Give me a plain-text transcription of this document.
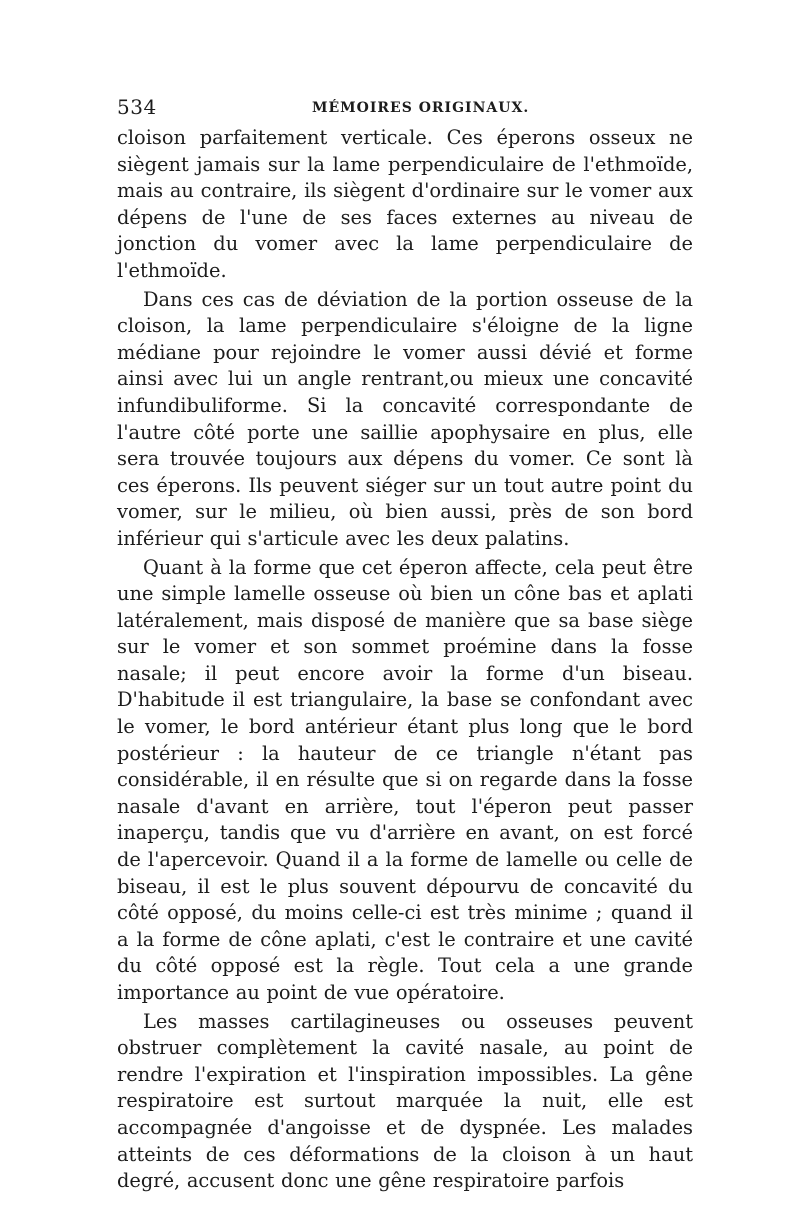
534	MÉMOIRES ORIGINAUX.

cloison parfaitement verticale. Ces éperons osseux ne siègent jamais sur la lame perpendiculaire de l'ethmoïde, mais au contraire, ils siègent d'ordinaire sur le vomer aux dépens de l'une de ses faces externes au niveau de jonction du vomer avec la lame perpendiculaire de l'ethmoïde.

Dans ces cas de déviation de la portion osseuse de la cloison, la lame perpendiculaire s'éloigne de la ligne médiane pour rejoindre le vomer aussi dévié et forme ainsi avec lui un angle rentrant,ou mieux une concavité infundibuliforme. Si la concavité correspondante de l'autre côté porte une saillie apophysaire en plus, elle sera trouvée toujours aux dépens du vomer. Ce sont là ces éperons. Ils peuvent siéger sur un tout autre point du vomer, sur le milieu, où bien aussi, près de son bord inférieur qui s'articule avec les deux palatins.

Quant à la forme que cet éperon affecte, cela peut être une simple lamelle osseuse où bien un cône bas et aplati latéralement, mais disposé de manière que sa base siège sur le vomer et son sommet proémine dans la fosse nasale; il peut encore avoir la forme d'un biseau. D'habitude il est triangulaire, la base se confondant avec le vomer, le bord antérieur étant plus long que le bord postérieur : la hauteur de ce triangle n'étant pas considérable, il en résulte que si on regarde dans la fosse nasale d'avant en arrière, tout l'éperon peut passer inaperçu, tandis que vu d'arrière en avant, on est forcé de l'apercevoir. Quand il a la forme de lamelle ou celle de biseau, il est le plus souvent dépourvu de concavité du côté opposé, du moins celle-ci est très minime ; quand il a la forme de cône aplati, c'est le contraire et une cavité du côté opposé est la règle. Tout cela a une grande importance au point de vue opératoire.

Les masses cartilagineuses ou osseuses peuvent obstruer complètement la cavité nasale, au point de rendre l'expiration et l'inspiration impossibles. La gêne respiratoire est surtout marquée la nuit, elle est accompagnée d'angoisse et de dyspnée. Les malades atteints de ces déformations de la cloison à un haut degré, accusent donc une gêne respiratoire parfois
